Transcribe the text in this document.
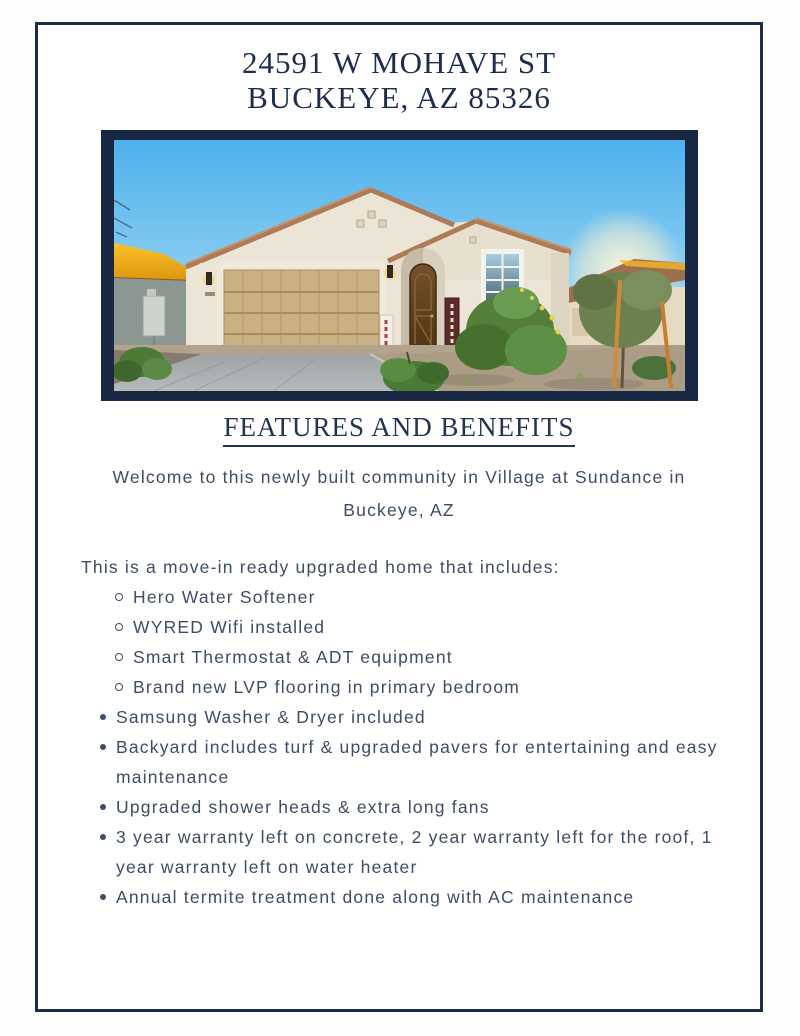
24591 W MOHAVE ST
BUCKEYE, AZ 85326
FEATURES AND BENEFITS
Welcome to this newly built community in Village at Sundance in Buckeye, AZ
This is a move-in ready upgraded home that includes:
Hero Water Softener
WYRED Wifi installed
Smart Thermostat & ADT equipment
Brand new LVP flooring in primary bedroom
Samsung Washer & Dryer included
Backyard includes turf & upgraded pavers for entertaining and easy maintenance
Upgraded shower heads & extra long fans
3 year warranty left on concrete, 2 year warranty left for the roof, 1 year warranty left on water heater
Annual termite treatment done along with AC maintenance
